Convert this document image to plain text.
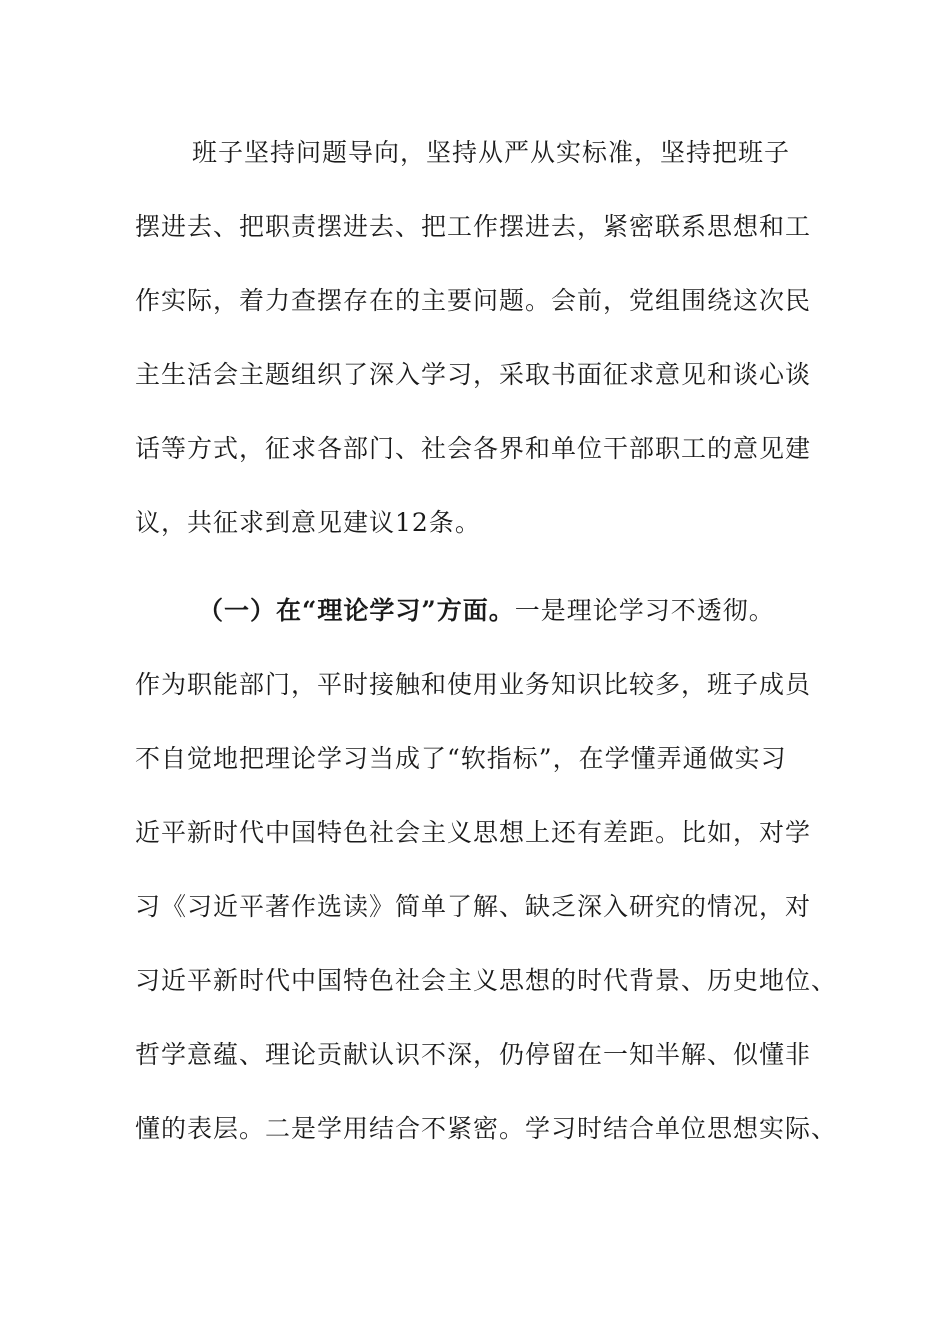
班子坚持问题导向，坚持从严从实标准，坚持把班子
摆进去、把职责摆进去、把工作摆进去，紧密联系思想和工
作实际，着力查摆存在的主要问题。会前，党组围绕这次民
主生活会主题组织了深入学习，采取书面征求意见和谈心谈
话等方式，征求各部门、社会各界和单位干部职工的意见建
议，共征求到意见建议12条。
（一）在“理论学习”方面。一是理论学习不透彻。
作为职能部门，平时接触和使用业务知识比较多，班子成员
不自觉地把理论学习当成了“软指标”，在学懂弄通做实习
近平新时代中国特色社会主义思想上还有差距。比如，对学
习《习近平著作选读》简单了解、缺乏深入研究的情况，对
习近平新时代中国特色社会主义思想的时代背景、历史地位、
哲学意蕴、理论贡献认识不深，仍停留在一知半解、似懂非
懂的表层。二是学用结合不紧密。学习时结合单位思想实际、
